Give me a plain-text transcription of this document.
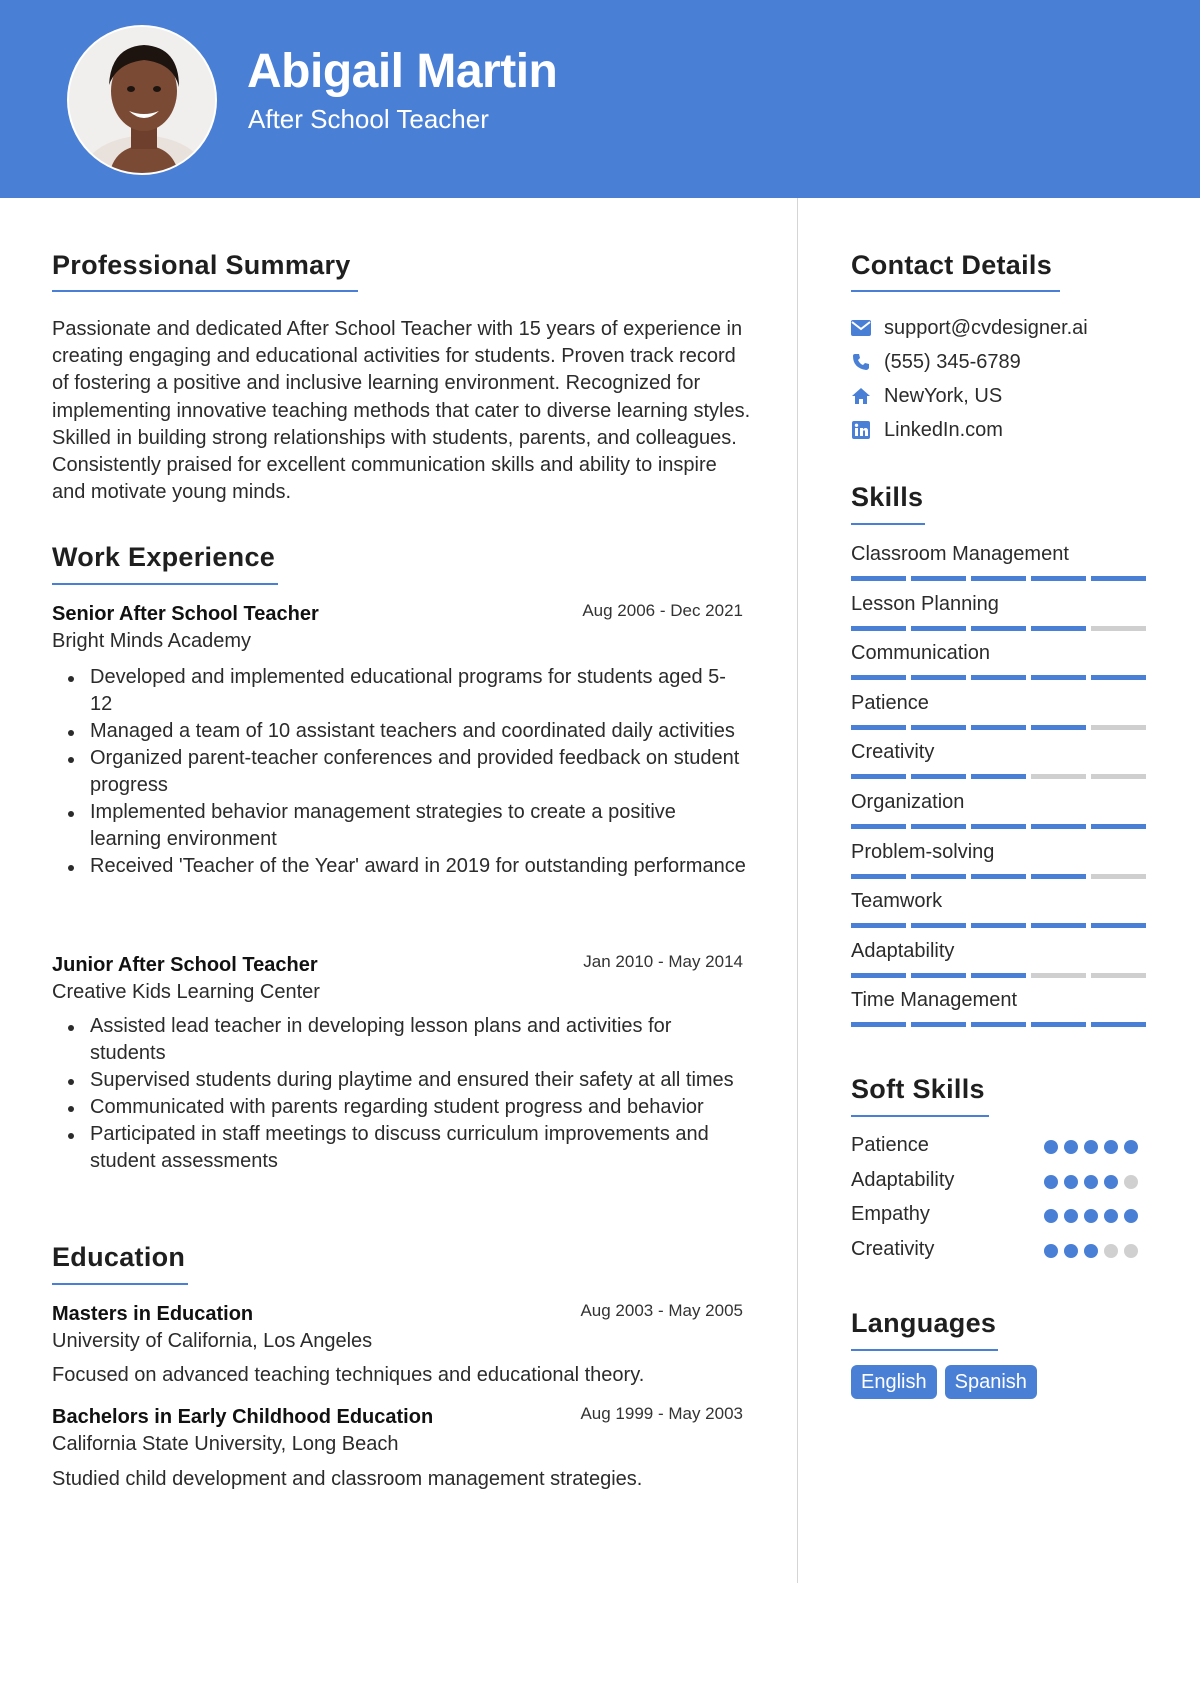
Abigail Martin
After School Teacher
Professional Summary
Passionate and dedicated After School Teacher with 15 years of experience in creating engaging and educational activities for students. Proven track record of fostering a positive and inclusive learning environment. Recognized for implementing innovative teaching methods that cater to diverse learning styles. Skilled in building strong relationships with students, parents, and colleagues. Consistently praised for excellent communication skills and ability to inspire and motivate young minds.
Work Experience
Senior After School Teacher	Aug 2006 - Dec 2021
Bright Minds Academy
Developed and implemented educational programs for students aged 5-12
Managed a team of 10 assistant teachers and coordinated daily activities
Organized parent-teacher conferences and provided feedback on student progress
Implemented behavior management strategies to create a positive learning environment
Received 'Teacher of the Year' award in 2019 for outstanding performance
Junior After School Teacher	Jan 2010 - May 2014
Creative Kids Learning Center
Assisted lead teacher in developing lesson plans and activities for students
Supervised students during playtime and ensured their safety at all times
Communicated with parents regarding student progress and behavior
Participated in staff meetings to discuss curriculum improvements and student assessments
Education
Masters in Education	Aug 2003 - May 2005
University of California, Los Angeles
Focused on advanced teaching techniques and educational theory.
Bachelors in Early Childhood Education	Aug 1999 - May 2003
California State University, Long Beach
Studied child development and classroom management strategies.
Contact Details
support@cvdesigner.ai
(555) 345-6789
NewYork, US
LinkedIn.com
Skills
Classroom Management
Lesson Planning
Communication
Patience
Creativity
Organization
Problem-solving
Teamwork
Adaptability
Time Management
Soft Skills
Patience
Adaptability
Empathy
Creativity
Languages
English	Spanish
